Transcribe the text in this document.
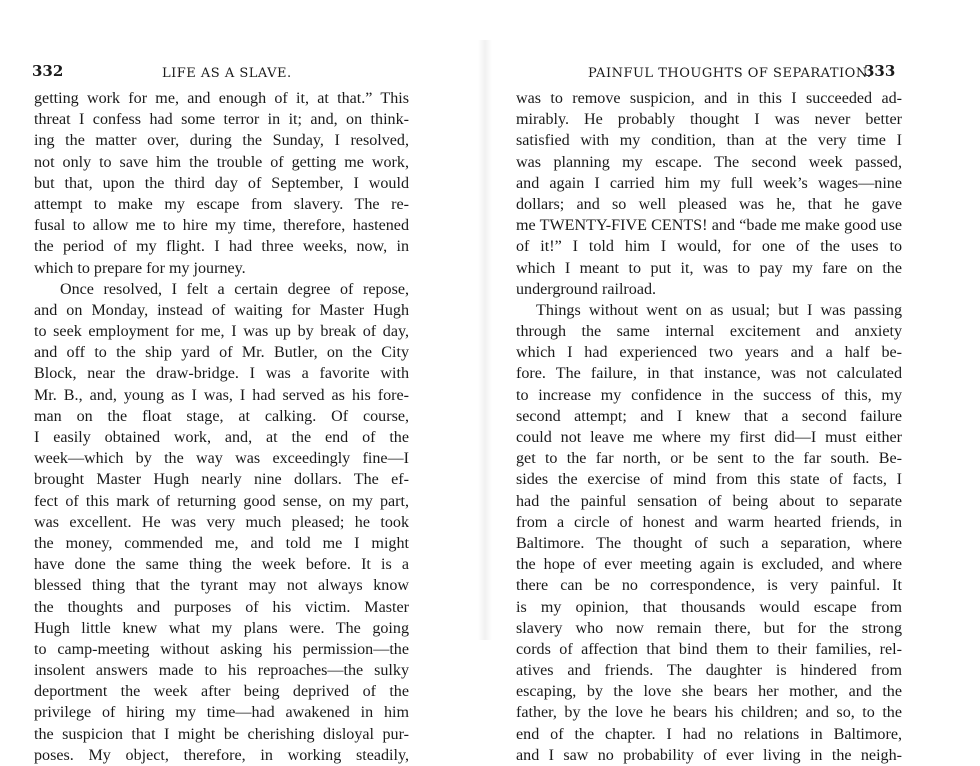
332	LIFE AS A SLAVE.
getting work for me, and enough of it, at that.” This
threat I confess had some terror in it; and, on think-
ing the matter over, during the Sunday, I resolved,
not only to save him the trouble of getting me work,
but that, upon the third day of September, I would
attempt to make my escape from slavery. The re-
fusal to allow me to hire my time, therefore, hastened
the period of my flight. I had three weeks, now, in
which to prepare for my journey.
Once resolved, I felt a certain degree of repose,
and on Monday, instead of waiting for Master Hugh
to seek employment for me, I was up by break of day,
and off to the ship yard of Mr. Butler, on the City
Block, near the draw-bridge. I was a favorite with
Mr. B., and, young as I was, I had served as his fore-
man on the float stage, at calking. Of course,
I easily obtained work, and, at the end of the
week—which by the way was exceedingly fine—I
brought Master Hugh nearly nine dollars. The ef-
fect of this mark of returning good sense, on my part,
was excellent. He was very much pleased; he took
the money, commended me, and told me I might
have done the same thing the week before. It is a
blessed thing that the tyrant may not always know
the thoughts and purposes of his victim. Master
Hugh little knew what my plans were. The going
to camp-meeting without asking his permission—the
insolent answers made to his reproaches—the sulky
deportment the week after being deprived of the
privilege of hiring my time—had awakened in him
the suspicion that I might be cherishing disloyal pur-
poses. My object, therefore, in working steadily,
PAINFUL THOUGHTS OF SEPARATION.
333
was to remove suspicion, and in this I succeeded ad-
mirably. He probably thought I was never better
satisfied with my condition, than at the very time I
was planning my escape. The second week passed,
and again I carried him my full week’s wages—nine
dollars; and so well pleased was he, that he gave
me TWENTY-FIVE CENTS! and “bade me make good use
of it!” I told him I would, for one of the uses to
which I meant to put it, was to pay my fare on the
underground railroad.
Things without went on as usual; but I was passing
through the same internal excitement and anxiety
which I had experienced two years and a half be-
fore. The failure, in that instance, was not calculated
to increase my confidence in the success of this, my
second attempt; and I knew that a second failure
could not leave me where my first did—I must either
get to the far north, or be sent to the far south. Be-
sides the exercise of mind from this state of facts, I
had the painful sensation of being about to separate
from a circle of honest and warm hearted friends, in
Baltimore. The thought of such a separation, where
the hope of ever meeting again is excluded, and where
there can be no correspondence, is very painful. It
is my opinion, that thousands would escape from
slavery who now remain there, but for the strong
cords of affection that bind them to their families, rel-
atives and friends. The daughter is hindered from
escaping, by the love she bears her mother, and the
father, by the love he bears his children; and so, to the
end of the chapter. I had no relations in Baltimore,
and I saw no probability of ever living in the neigh-
